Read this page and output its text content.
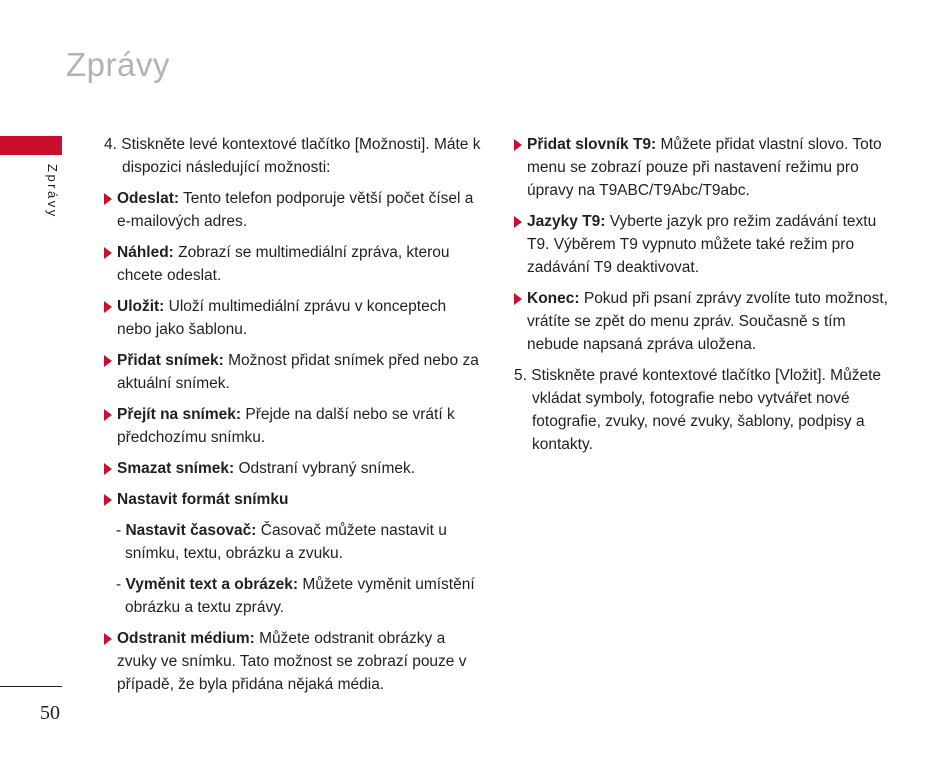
Zprávy
Zprávy

4. Stiskněte levé kontextové tlačítko [Možnosti]. Máte k dispozici následující možnosti:

Odeslat: Tento telefon podporuje větší počet čísel a e-mailových adres.

Náhled: Zobrazí se multimediální zpráva, kterou chcete odeslat.

Uložit: Uloží multimediální zprávu v konceptech nebo jako šablonu.

Přidat snímek: Možnost přidat snímek před nebo za aktuální snímek.

Přejít na snímek: Přejde na další nebo se vrátí k předchozímu snímku.

Smazat snímek: Odstraní vybraný snímek.

Nastavit formát snímku

- Nastavit časovač: Časovač můžete nastavit u snímku, textu, obrázku a zvuku.

- Vyměnit text a obrázek: Můžete vyměnit umístění obrázku a textu zprávy.

Odstranit médium: Můžete odstranit obrázky a zvuky ve snímku. Tato možnost se zobrazí pouze v případě, že byla přidána nějaká média.

Přidat slovník T9: Můžete přidat vlastní slovo. Toto menu se zobrazí pouze při nastavení režimu pro úpravy na T9ABC/T9Abc/T9abc.

Jazyky T9: Vyberte jazyk pro režim zadávání textu T9. Výběrem T9 vypnuto můžete také režim pro zadávání T9 deaktivovat.

Konec: Pokud při psaní zprávy zvolíte tuto možnost, vrátíte se zpět do menu zpráv. Současně s tím nebude napsaná zpráva uložena.

5. Stiskněte pravé kontextové tlačítko [Vložit]. Můžete vkládat symboly, fotografie nebo vytvářet nové fotografie, zvuky, nové zvuky, šablony, podpisy a kontakty.

50
